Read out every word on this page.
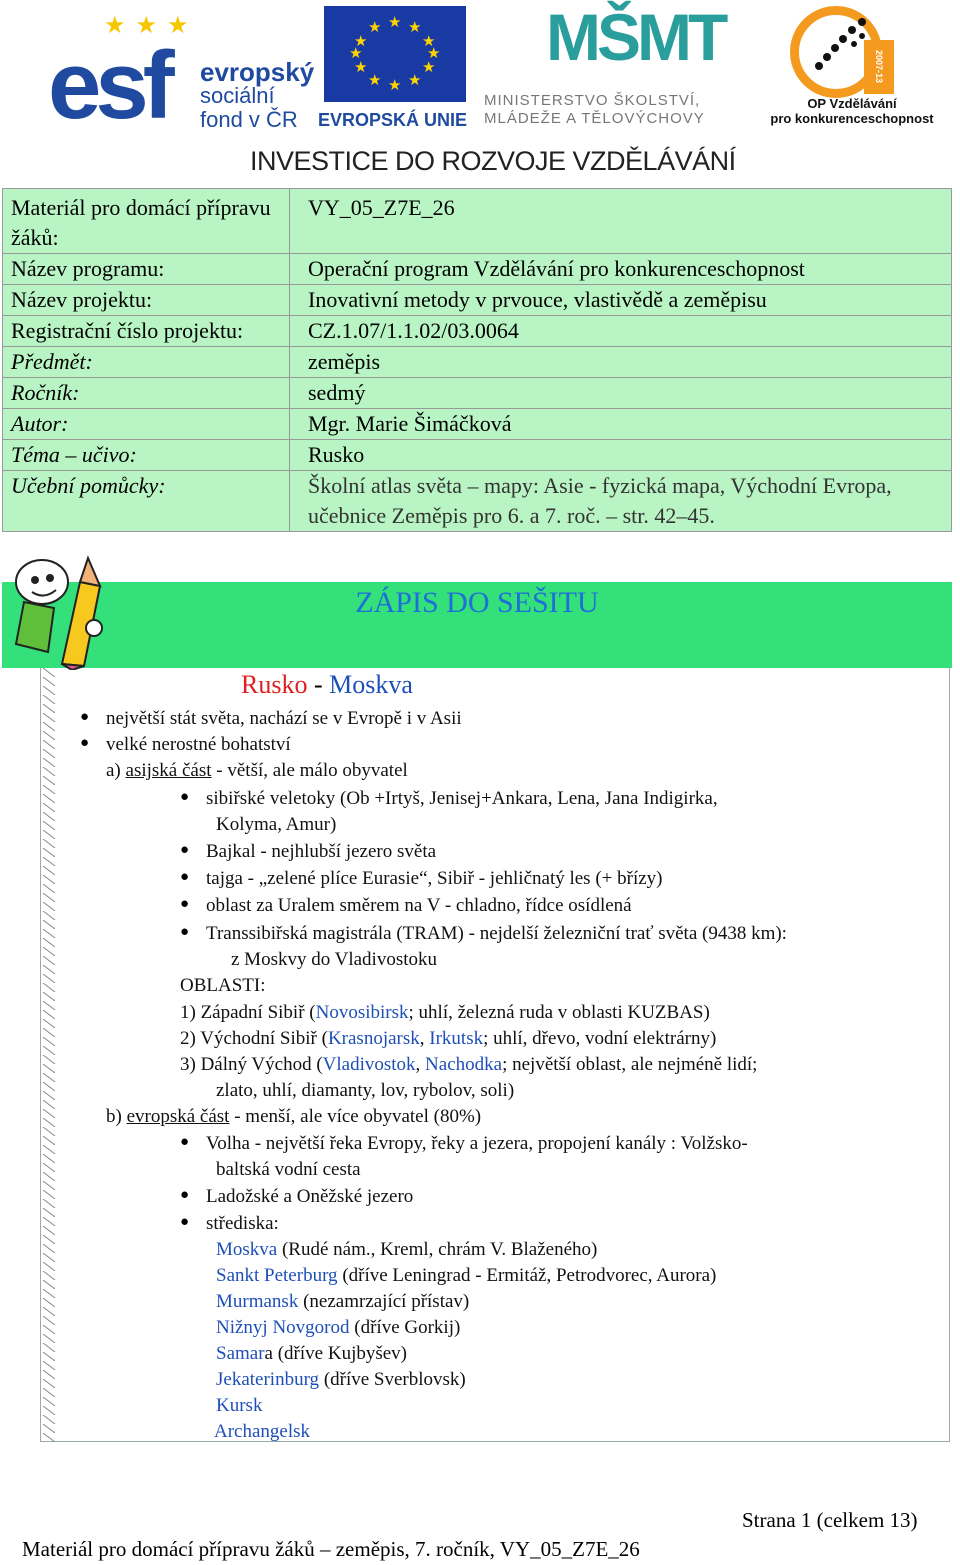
★ ★ ★
esf evropský
sociální
fond v ČR
★ ★
★
★
★
★
★
★
★
★
★
★
EVROPSKÁ UNIE
MŠMT
MINISTERSTVO ŠKOLSTVÍ,
MLÁDEŽE A TĚLOVÝCHOVY
2007-13
OP Vzdělávání
pro konkurenceschopnost
INVESTICE DO ROZVOJE VZDĚLÁVÁNÍ
Materiál pro domácí přípravu žáků:	VY_05_Z7E_26
Název programu:	Operační program Vzdělávání pro konkurenceschopnost
Název projektu:	Inovativní metody v prvouce, vlastivědě a zeměpisu
Registrační číslo projektu:	CZ.1.07/1.1.02/03.0064
Předmět:	zeměpis
Ročník:	sedmý
Autor:	Mgr. Marie Šimáčková
Téma – učivo:	Rusko
Učební pomůcky:	Školní atlas světa – mapy: Asie - fyzická mapa, Východní Evropa, učebnice Zeměpis pro 6. a 7. roč. – str. 42–45.
ZÁPIS DO SEŠITU
Rusko - Moskva
● největší stát světa, nachází se v Evropě i v Asii
● velké nerostné bohatství
a) asijská část - větší, ale málo obyvatel
● sibiřské veletoky (Ob +Irtyš, Jenisej+Ankara, Lena, Jana Indigirka,
Kolyma, Amur)
● Bajkal - nejhlubší jezero světa
● tajga - „zelené plíce Eurasie“, Sibiř - jehličnatý les (+ břízy)
● oblast za Uralem směrem na V - chladno, řídce osídlená
● Transsibiřská magistrála (TRAM) - nejdelší železniční trať světa (9438 km):
z Moskvy do Vladivostoku
OBLASTI:
1) Západní Sibiř (Novosibirsk; uhlí, železná ruda v oblasti KUZBAS)
2) Východní Sibiř (Krasnojarsk, Irkutsk; uhlí, dřevo, vodní elektrárny)
3) Dálný Východ (Vladivostok, Nachodka; největší oblast, ale nejméně lidí;
zlato, uhlí, diamanty, lov, rybolov, soli)
b) evropská část - menší, ale více obyvatel (80%)
● Volha - největší řeka Evropy, řeky a jezera, propojení kanály : Volžsko-
baltská vodní cesta
● Ladožské a Oněžské jezero
● střediska:
Moskva (Rudé nám., Kreml, chrám V. Blaženého)
Sankt Peterburg (dříve Leningrad - Ermitáž, Petrodvorec, Aurora)
Murmansk (nezamrzající přístav)
Nižnyj Novgorod (dříve Gorkij)
Samara (dříve Kujbyšev)
Jekaterinburg (dříve Sverblovsk)
Kursk
Archangelsk
Strana 1 (celkem 13)
Materiál pro domácí přípravu žáků – zeměpis, 7. ročník, VY_05_Z7E_26
